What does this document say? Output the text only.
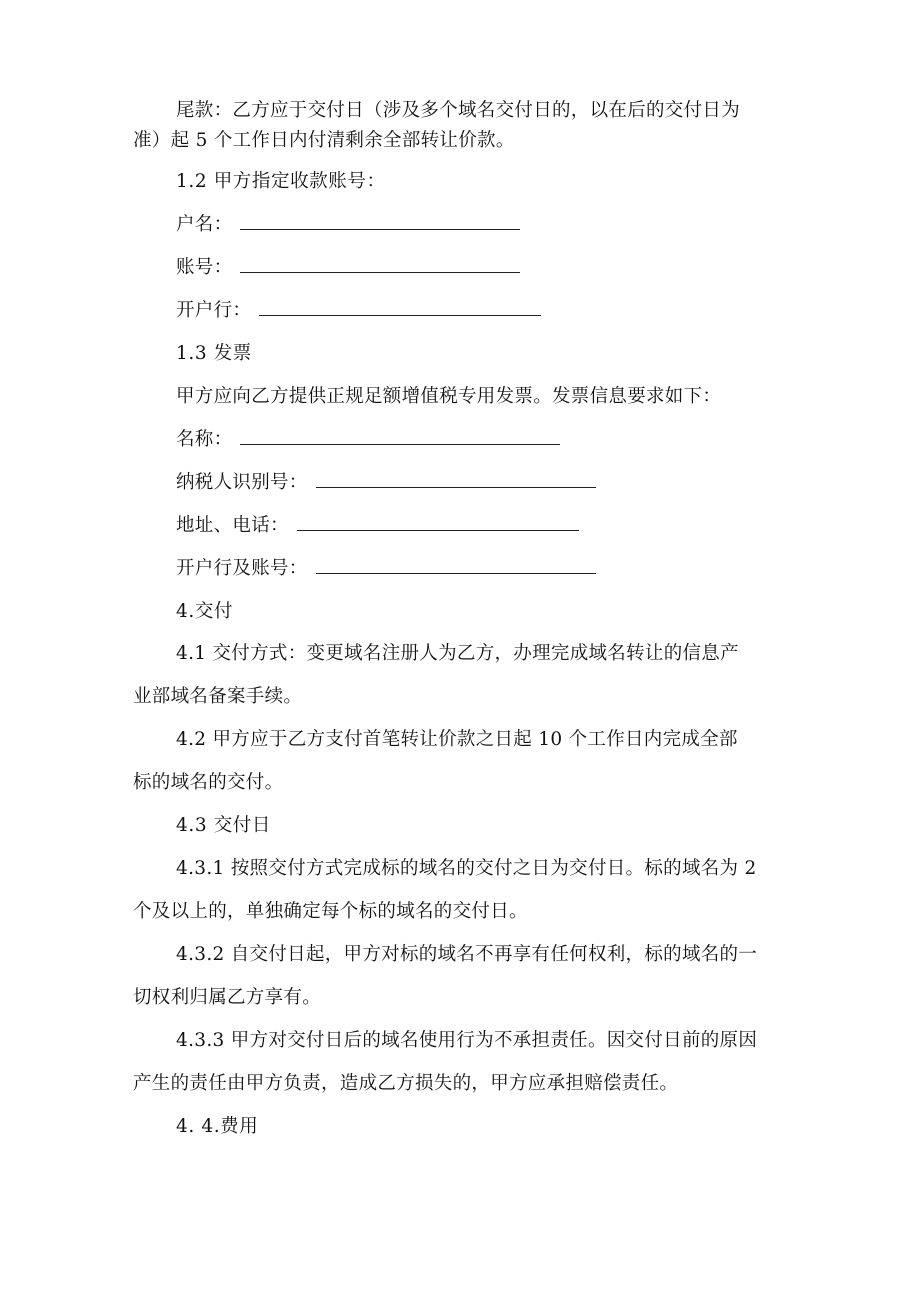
尾款：乙方应于交付日（涉及多个域名交付日的，以在后的交付日为
准）起 5 个工作日内付清剩余全部转让价款。
1.2 甲方指定收款账号：
户名：
账号：
开户行：
1.3 发票
甲方应向乙方提供正规足额增值税专用发票。发票信息要求如下：
名称：
纳税人识别号：
地址、电话：
开户行及账号：
4.交付
4.1 交付方式：变更域名注册人为乙方，办理完成域名转让的信息产
业部域名备案手续。
4.2 甲方应于乙方支付首笔转让价款之日起 10 个工作日内完成全部
标的域名的交付。
4.3 交付日
4.3.1 按照交付方式完成标的域名的交付之日为交付日。标的域名为 2
个及以上的，单独确定每个标的域名的交付日。
4.3.2 自交付日起，甲方对标的域名不再享有任何权利，标的域名的一
切权利归属乙方享有。
4.3.3 甲方对交付日后的域名使用行为不承担责任。因交付日前的原因
产生的责任由甲方负责，造成乙方损失的，甲方应承担赔偿责任。
4. 4.费用
